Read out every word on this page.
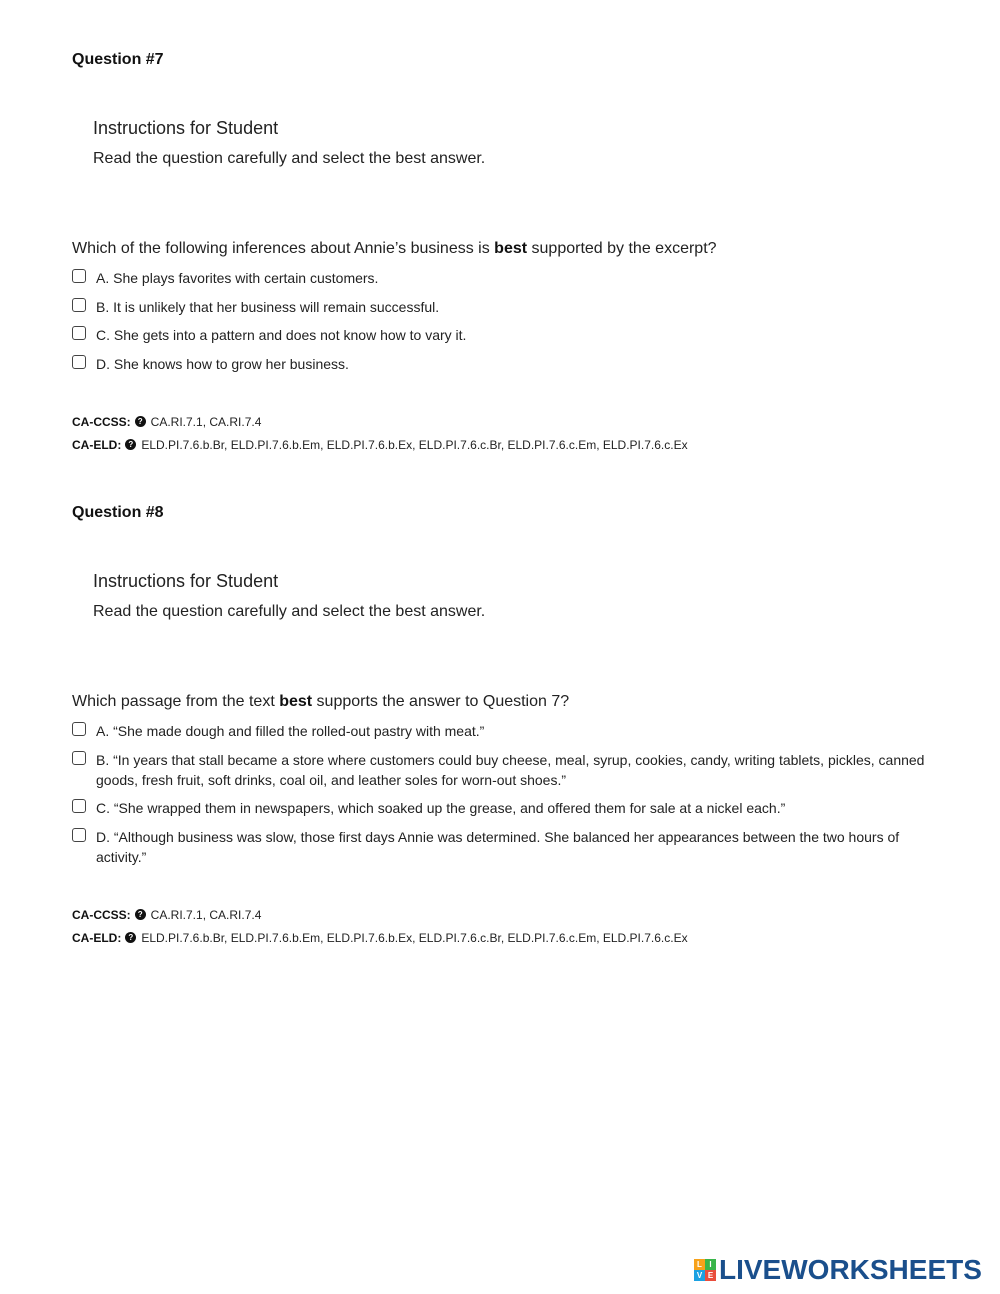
Question #7
Instructions for Student
Read the question carefully and select the best answer.
Which of the following inferences about Annie’s business is best supported by the excerpt?
A. She plays favorites with certain customers.
B. It is unlikely that her business will remain successful.
C. She gets into a pattern and does not know how to vary it.
D. She knows how to grow her business.
CA-CCSS: ? CA.RI.7.1, CA.RI.7.4
CA-ELD: ? ELD.PI.7.6.b.Br, ELD.PI.7.6.b.Em, ELD.PI.7.6.b.Ex, ELD.PI.7.6.c.Br, ELD.PI.7.6.c.Em, ELD.PI.7.6.c.Ex
Question #8
Instructions for Student
Read the question carefully and select the best answer.
Which passage from the text best supports the answer to Question 7?
A. “She made dough and filled the rolled-out pastry with meat.”
B. “In years that stall became a store where customers could buy cheese, meal, syrup, cookies, candy, writing tablets, pickles, canned goods, fresh fruit, soft drinks, coal oil, and leather soles for worn-out shoes.”
C. “She wrapped them in newspapers, which soaked up the grease, and offered them for sale at a nickel each.”
D. “Although business was slow, those first days Annie was determined. She balanced her appearances between the two hours of activity.”
CA-CCSS: ? CA.RI.7.1, CA.RI.7.4
CA-ELD: ? ELD.PI.7.6.b.Br, ELD.PI.7.6.b.Em, ELD.PI.7.6.b.Ex, ELD.PI.7.6.c.Br, ELD.PI.7.6.c.Em, ELD.PI.7.6.c.Ex
L I
V E LIVEWORKSHEETS
